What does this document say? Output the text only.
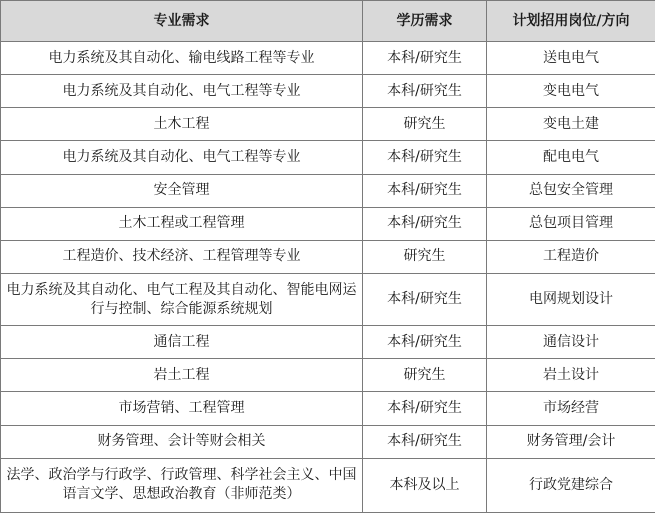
专业需求	学历需求	计划招用岗位/方向
电力系统及其自动化、输电线路工程等专业	本科/研究生	送电电气
电力系统及其自动化、电气工程等专业	本科/研究生	变电电气
土木工程	研究生	变电土建
电力系统及其自动化、电气工程等专业	本科/研究生	配电电气
安全管理	本科/研究生	总包安全管理
土木工程或工程管理	本科/研究生	总包项目管理
工程造价、技术经济、工程管理等专业	研究生	工程造价
电力系统及其自动化、电气工程及其自动化、智能电网运行与控制、综合能源系统规划	本科/研究生	电网规划设计
通信工程	本科/研究生	通信设计
岩土工程	研究生	岩土设计
市场营销、工程管理	本科/研究生	市场经营
财务管理、会计等财会相关	本科/研究生	财务管理/会计
法学、政治学与行政学、行政管理、科学社会主义、中国语言文学、思想政治教育（非师范类）	本科及以上	行政党建综合
